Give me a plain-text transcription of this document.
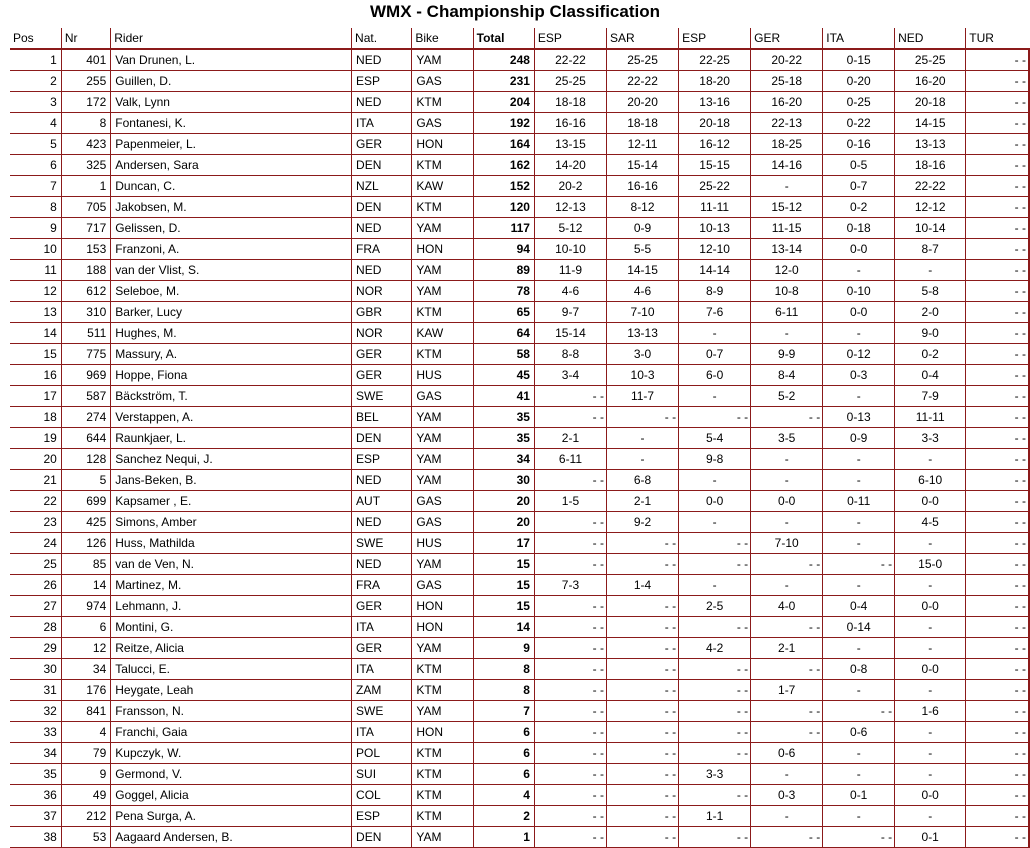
WMX - Championship Classification
Pos	Nr	Rider	Nat.	Bike	Total	ESP	SAR	ESP	GER	ITA	NED	TUR
1	401	Van Drunen, L.	NED	YAM	248	22-22	25-25	22-25	20-22	0-15	25-25	- -
2	255	Guillen, D.	ESP	GAS	231	25-25	22-22	18-20	25-18	0-20	16-20	- -
3	172	Valk, Lynn	NED	KTM	204	18-18	20-20	13-16	16-20	0-25	20-18	- -
4	8	Fontanesi, K.	ITA	GAS	192	16-16	18-18	20-18	22-13	0-22	14-15	- -
5	423	Papenmeier, L.	GER	HON	164	13-15	12-11	16-12	18-25	0-16	13-13	- -
6	325	Andersen, Sara	DEN	KTM	162	14-20	15-14	15-15	14-16	0-5	18-16	- -
7	1	Duncan, C.	NZL	KAW	152	20-2	16-16	25-22	-	0-7	22-22	- -
8	705	Jakobsen, M.	DEN	KTM	120	12-13	8-12	11-11	15-12	0-2	12-12	- -
9	717	Gelissen, D.	NED	YAM	117	5-12	0-9	10-13	11-15	0-18	10-14	- -
10	153	Franzoni, A.	FRA	HON	94	10-10	5-5	12-10	13-14	0-0	8-7	- -
11	188	van der Vlist, S.	NED	YAM	89	11-9	14-15	14-14	12-0	-	-	- -
12	612	Seleboe, M.	NOR	YAM	78	4-6	4-6	8-9	10-8	0-10	5-8	- -
13	310	Barker, Lucy	GBR	KTM	65	9-7	7-10	7-6	6-11	0-0	2-0	- -
14	511	Hughes, M.	NOR	KAW	64	15-14	13-13	-	-	-	9-0	- -
15	775	Massury, A.	GER	KTM	58	8-8	3-0	0-7	9-9	0-12	0-2	- -
16	969	Hoppe, Fiona	GER	HUS	45	3-4	10-3	6-0	8-4	0-3	0-4	- -
17	587	Bäckström, T.	SWE	GAS	41	- -	11-7	-	5-2	-	7-9	- -
18	274	Verstappen, A.	BEL	YAM	35	- -	- -	- -	- -	0-13	11-11	- -
19	644	Raunkjaer, L.	DEN	YAM	35	2-1	-	5-4	3-5	0-9	3-3	- -
20	128	Sanchez Nequi, J.	ESP	YAM	34	6-11	-	9-8	-	-	-	- -
21	5	Jans-Beken, B.	NED	YAM	30	- -	6-8	-	-	-	6-10	- -
22	699	Kapsamer , E.	AUT	GAS	20	1-5	2-1	0-0	0-0	0-11	0-0	- -
23	425	Simons, Amber	NED	GAS	20	- -	9-2	-	-	-	4-5	- -
24	126	Huss, Mathilda	SWE	HUS	17	- -	- -	- -	7-10	-	-	- -
25	85	van de Ven, N.	NED	YAM	15	- -	- -	- -	- -	- -	15-0	- -
26	14	Martinez, M.	FRA	GAS	15	7-3	1-4	-	-	-	-	- -
27	974	Lehmann, J.	GER	HON	15	- -	- -	2-5	4-0	0-4	0-0	- -
28	6	Montini, G.	ITA	HON	14	- -	- -	- -	- -	0-14	-	- -
29	12	Reitze, Alicia	GER	YAM	9	- -	- -	4-2	2-1	-	-	- -
30	34	Talucci, E.	ITA	KTM	8	- -	- -	- -	- -	0-8	0-0	- -
31	176	Heygate, Leah	ZAM	KTM	8	- -	- -	- -	1-7	-	-	- -
32	841	Fransson, N.	SWE	YAM	7	- -	- -	- -	- -	- -	1-6	- -
33	4	Franchi, Gaia	ITA	HON	6	- -	- -	- -	- -	0-6	-	- -
34	79	Kupczyk, W.	POL	KTM	6	- -	- -	- -	0-6	-	-	- -
35	9	Germond, V.	SUI	KTM	6	- -	- -	3-3	-	-	-	- -
36	49	Goggel, Alicia	COL	KTM	4	- -	- -	- -	0-3	0-1	0-0	- -
37	212	Pena Surga, A.	ESP	KTM	2	- -	- -	1-1	-	-	-	- -
38	53	Aagaard Andersen, B.	DEN	YAM	1	- -	- -	- -	- -	- -	0-1	- -
